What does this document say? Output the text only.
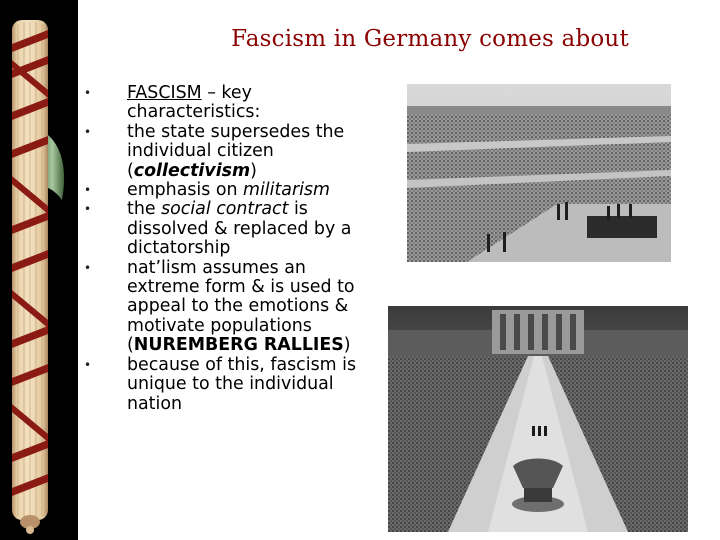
Fascism in Germany comes about
• FASCISM – key characteristics:
• the state supersedes the individual citizen (collectivism)
• emphasis on militarism
• the social contract is dissolved & replaced by a dictatorship
• nat’lism assumes an extreme form & is used to appeal to the emotions & motivate populations (NUREMBERG RALLIES)
• because of this, fascism is unique to the individual nation
